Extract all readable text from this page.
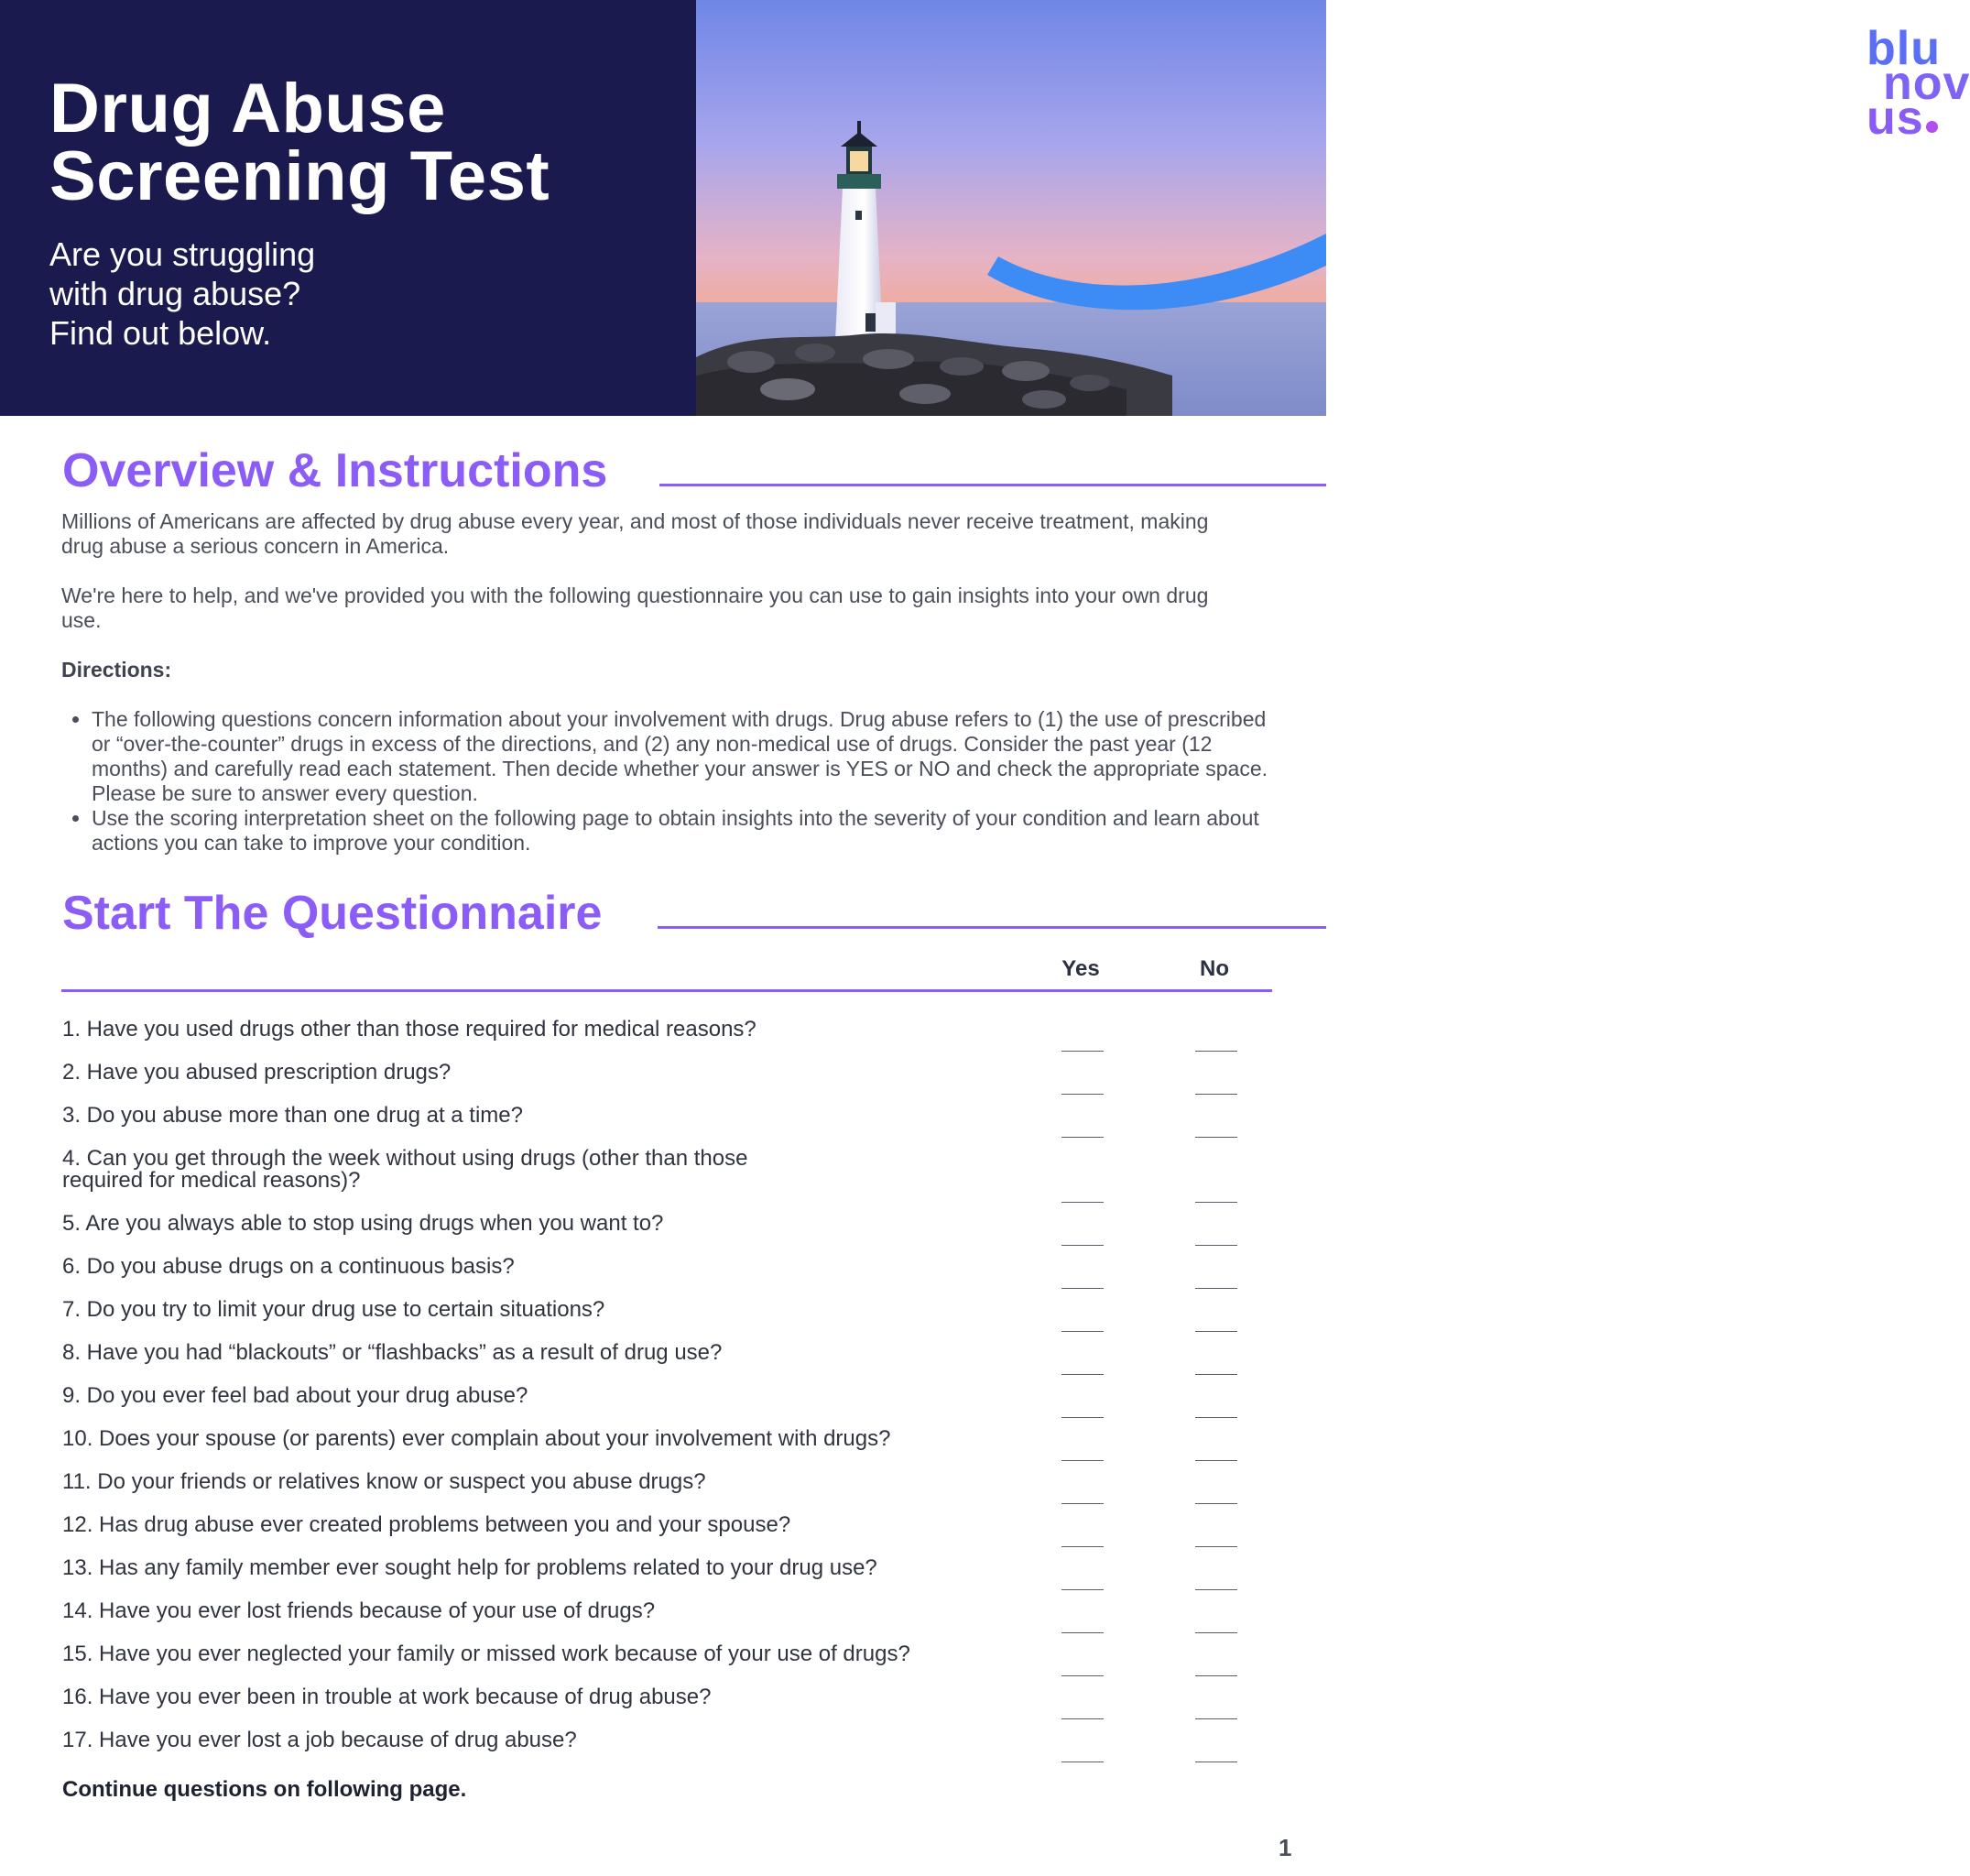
Drug Abuse
Screening Test
Are you struggling
with drug abuse?
Find out below.
blu
nov
us
Overview & Instructions
Millions of Americans are affected by drug abuse every year, and most of those individuals never receive treatment, making drug abuse a serious concern in America.
We're here to help, and we've provided you with the following questionnaire you can use to gain insights into your own drug use.
Directions:
• The following questions concern information about your involvement with drugs. Drug abuse refers to (1) the use of prescribed or “over-the-counter” drugs in excess of the directions, and (2) any non-medical use of drugs. Consider the past year (12 months) and carefully read each statement. Then decide whether your answer is YES or NO and check the appropriate space. Please be sure to answer every question.
• Use the scoring interpretation sheet on the following page to obtain insights into the severity of your condition and learn about actions you can take to improve your condition.
Start The Questionnaire
Yes	No
1. Have you used drugs other than those required for medical reasons?
2. Have you abused prescription drugs?
3. Do you abuse more than one drug at a time?
4. Can you get through the week without using drugs (other than those required for medical reasons)?
5. Are you always able to stop using drugs when you want to?
6. Do you abuse drugs on a continuous basis?
7. Do you try to limit your drug use to certain situations?
8. Have you had “blackouts” or “flashbacks” as a result of drug use?
9. Do you ever feel bad about your drug abuse?
10. Does your spouse (or parents) ever complain about your involvement with drugs?
11. Do your friends or relatives know or suspect you abuse drugs?
12. Has drug abuse ever created problems between you and your spouse?
13. Has any family member ever sought help for problems related to your drug use?
14. Have you ever lost friends because of your use of drugs?
15. Have you ever neglected your family or missed work because of your use of drugs?
16. Have you ever been in trouble at work because of drug abuse?
17. Have you ever lost a job because of drug abuse?
Continue questions on following page.
1
